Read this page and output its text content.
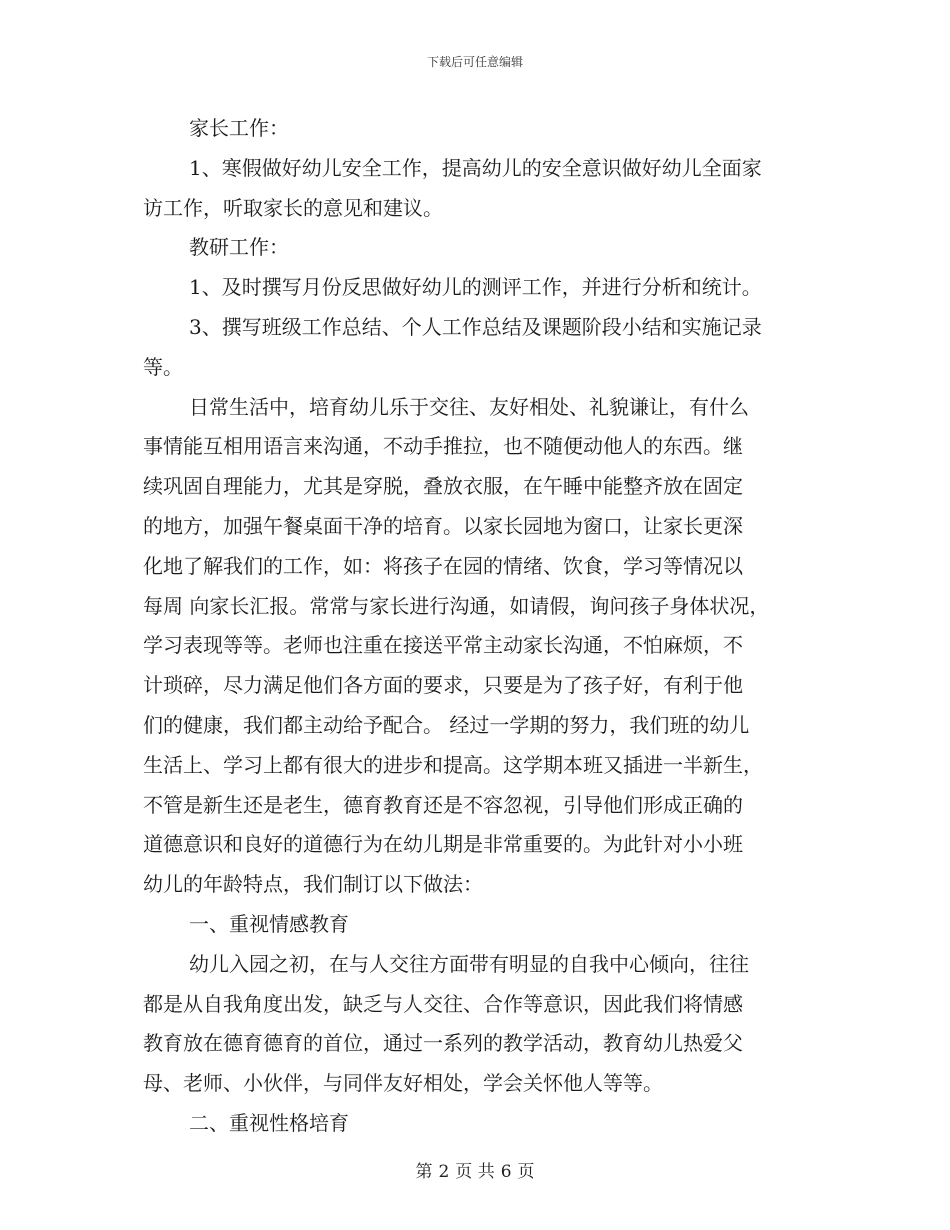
下载后可任意编辑
家长工作：
1、寒假做好幼儿安全工作，提高幼儿的安全意识做好幼儿全面家
访工作，听取家长的意见和建议。
教研工作：
1、及时撰写月份反思做好幼儿的测评工作，并进行分析和统计。
3、撰写班级工作总结、个人工作总结及课题阶段小结和实施记录
等。
日常生活中，培育幼儿乐于交往、友好相处、礼貌谦让，有什么
事情能互相用语言来沟通，不动手推拉，也不随便动他人的东西。继
续巩固自理能力，尤其是穿脱，叠放衣服，在午睡中能整齐放在固定
的地方，加强午餐桌面干净的培育。以家长园地为窗口，让家长更深
化地了解我们的工作，如：将孩子在园的情绪、饮食，学习等情况以
每周 向家长汇报。常常与家长进行沟通，如请假，询问孩子身体状况，
学习表现等等。老师也注重在接送平常主动家长沟通，不怕麻烦，不
计琐碎，尽力满足他们各方面的要求，只要是为了孩子好，有利于他
们的健康，我们都主动给予配合。 经过一学期的努力，我们班的幼儿
生活上、学习上都有很大的进步和提高。这学期本班又插进一半新生，
不管是新生还是老生，德育教育还是不容忽视，引导他们形成正确的
道德意识和良好的道德行为在幼儿期是非常重要的。为此针对小小班
幼儿的年龄特点，我们制订以下做法：
一、重视情感教育
幼儿入园之初，在与人交往方面带有明显的自我中心倾向，往往
都是从自我角度出发，缺乏与人交往、合作等意识，因此我们将情感
教育放在德育德育的首位，通过一系列的教学活动，教育幼儿热爱父
母、老师、小伙伴，与同伴友好相处，学会关怀他人等等。
二、重视性格培育
第 2 页 共 6 页
